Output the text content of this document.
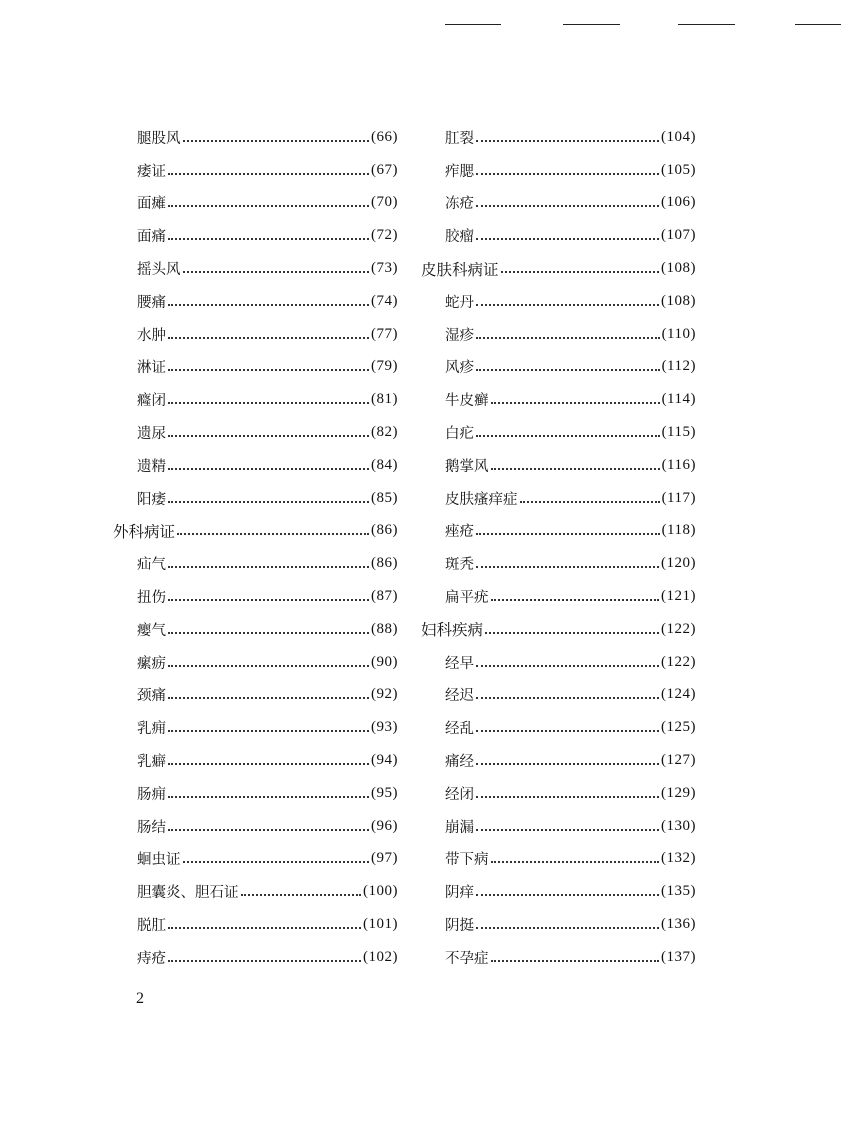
腿股风	(66)
痿证	(67)
面瘫	(70)
面痛	(72)
摇头风	(73)
腰痛	(74)
水肿	(77)
淋证	(79)
癃闭	(81)
遗尿	(82)
遗精	(84)
阳痿	(85)
外科病证	(86)
疝气	(86)
扭伤	(87)
瘿气	(88)
瘰疬	(90)
颈痛	(92)
乳痈	(93)
乳癖	(94)
肠痈	(95)
肠结	(96)
蛔虫证	(97)
胆囊炎、胆石证	(100)
脱肛	(101)
痔疮	(102)
肛裂	(104)
痄腮	(105)
冻疮	(106)
胶瘤	(107)
皮肤科病证	(108)
蛇丹	(108)
湿疹	(110)
风疹	(112)
牛皮癣	(114)
白疕	(115)
鹅掌风	(116)
皮肤瘙痒症	(117)
痤疮	(118)
斑秃	(120)
扁平疣	(121)
妇科疾病	(122)
经早	(122)
经迟	(124)
经乱	(125)
痛经	(127)
经闭	(129)
崩漏	(130)
带下病	(132)
阴痒	(135)
阴挺	(136)
不孕症	(137)
2
